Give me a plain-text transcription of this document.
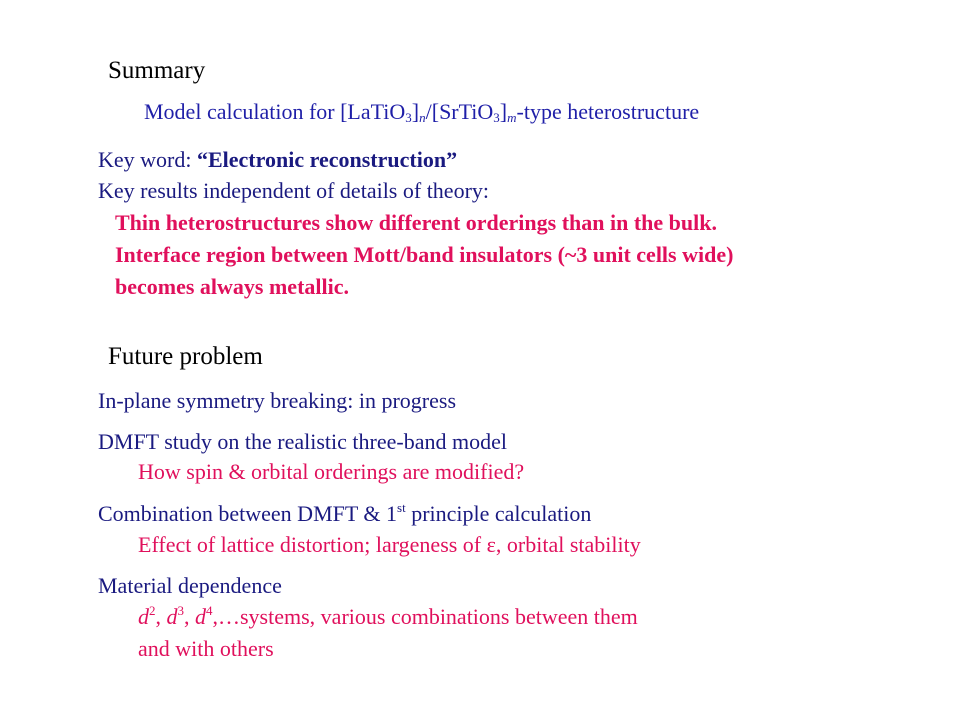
Summary
Model calculation for $[LaTiO_3]_n/[SrTiO_3]_m$-type heterostructure
Key word: “Electronic reconstruction”
Key results independent of details of theory:
Thin heterostructures show different orderings than in the bulk.
Interface region between Mott/band insulators (~3 unit cells wide)
becomes always metallic.
Future problem
In-plane symmetry breaking: in progress
DMFT study on the realistic three-band model
How spin & orbital orderings are modified?
Combination between DMFT & 1st principle calculation
Effect of lattice distortion; largeness of ε, orbital stability
Material dependence
$d^2$, $d^3$, $d^4,\dots systems$, various combinations between them
and with others
